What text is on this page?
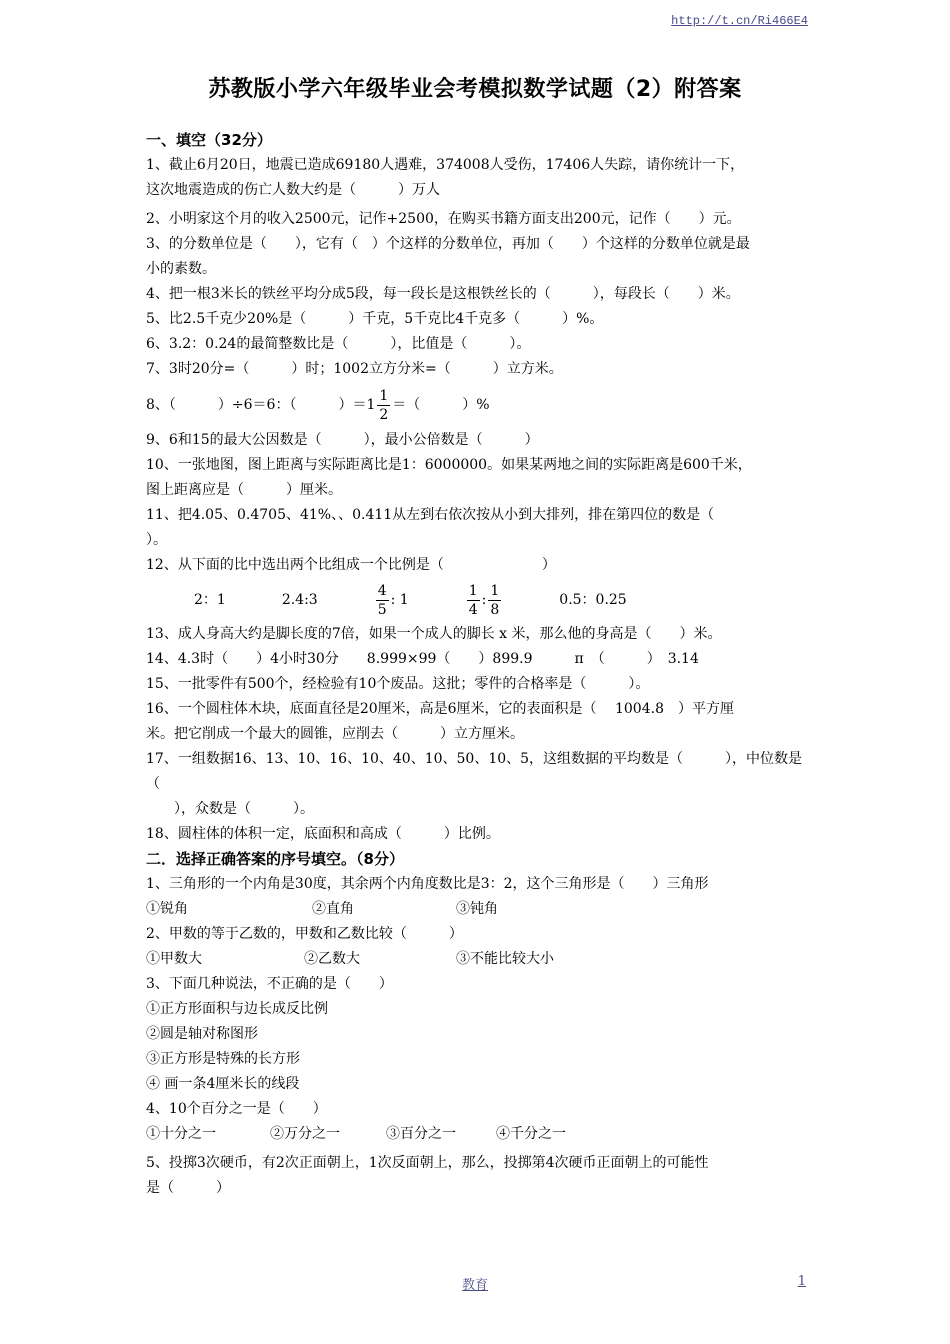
http://t.cn/Ri466E4
苏教版小学六年级毕业会考模拟数学试题（2）附答案
一、填空（32分）

1、截止6月20日，地震已造成69180人遇难，374008人受伤，17406人失踪，请你统计一下，

这次地震造成的伤亡人数大约是（　　　）万人

2、小明家这个月的收入2500元，记作+2500，在购买书籍方面支出200元，记作（　　）元。

3、的分数单位是（　　），它有（　）个这样的分数单位，再加（　　）个这样的分数单位就是最

小的素数。

4、把一根3米长的铁丝平均分成5段，每一段长是这根铁丝长的（　　　），每段长（　　）米。

5、比2.5千克少20%是（　　　）千克，5千克比4千克多（　　　）%。

6、3.2：0.24的最简整数比是（　　　），比值是（　　　）。

7、3时20分=（　　　）时；1002立方分米=（　　　）立方米。

8、（　　　）÷6＝6：（　　　）$=1 \frac{1}{2}$ ＝（　　　）%

9、6和15的最大公因数是（　　　），最小公倍数是（　　　）

10、一张地图，图上距离与实际距离比是1：6000000。如果某两地之间的实际距离是600千米，

图上距离应是（　　　）厘米。

11、把4.05、0.4705、41%、、0.411从左到右依次按从小到大排列，排在第四位的数是（

）。

12、从下面的比中选出两个比组成一个比例是（　　　　　　　）

2：1	2.4:3	$\frac{4}{5}$ : 1	$\frac{1}{4}$ : $\frac{1}{8}$	0.5：0.25

13、成人身高大约是脚长度的7倍，如果一个成人的脚长 x 米，那么他的身高是（　　）米。

14、4.3时（　　）4小时30分　　8.999×99（　　）899.9　　　π　（　　　）　3.14

15、一批零件有500个，经检验有10个废品。这批；零件的合格率是（　　　）。

16、一个圆柱体木块，底面直径是20厘米，高是6厘米，它的表面积是（　 1004.8　）平方厘

米。把它削成一个最大的圆锥，应削去（　　　）立方厘米。

17、一组数据16、13、10、16、10、40、10、50、10、5，这组数据的平均数是（　　　），中位数是（

　　），众数是（　　　）。

18、圆柱体的体积一定，底面积和高成（　　　）比例。

二．选择正确答案的序号填空。（8分）

1、三角形的一个内角是30度，其余两个内角度数比是3：2，这个三角形是（　　）三角形

①锐角	②直角	③钝角

2、甲数的等于乙数的，甲数和乙数比较（　　　）

①甲数大	②乙数大	③不能比较大小

3、下面几种说法，不正确的是（　　）

①正方形面积与边长成反比例

②圆是轴对称图形

③正方形是特殊的长方形

④ 画一条4厘米长的线段

4、10个百分之一是（　　）

①十分之一	②万分之一	③百分之一	④千分之一

5、投掷3次硬币，有2次正面朝上，1次反面朝上，那么，投掷第4次硬币正面朝上的可能性

是（　　　）

教育	1
